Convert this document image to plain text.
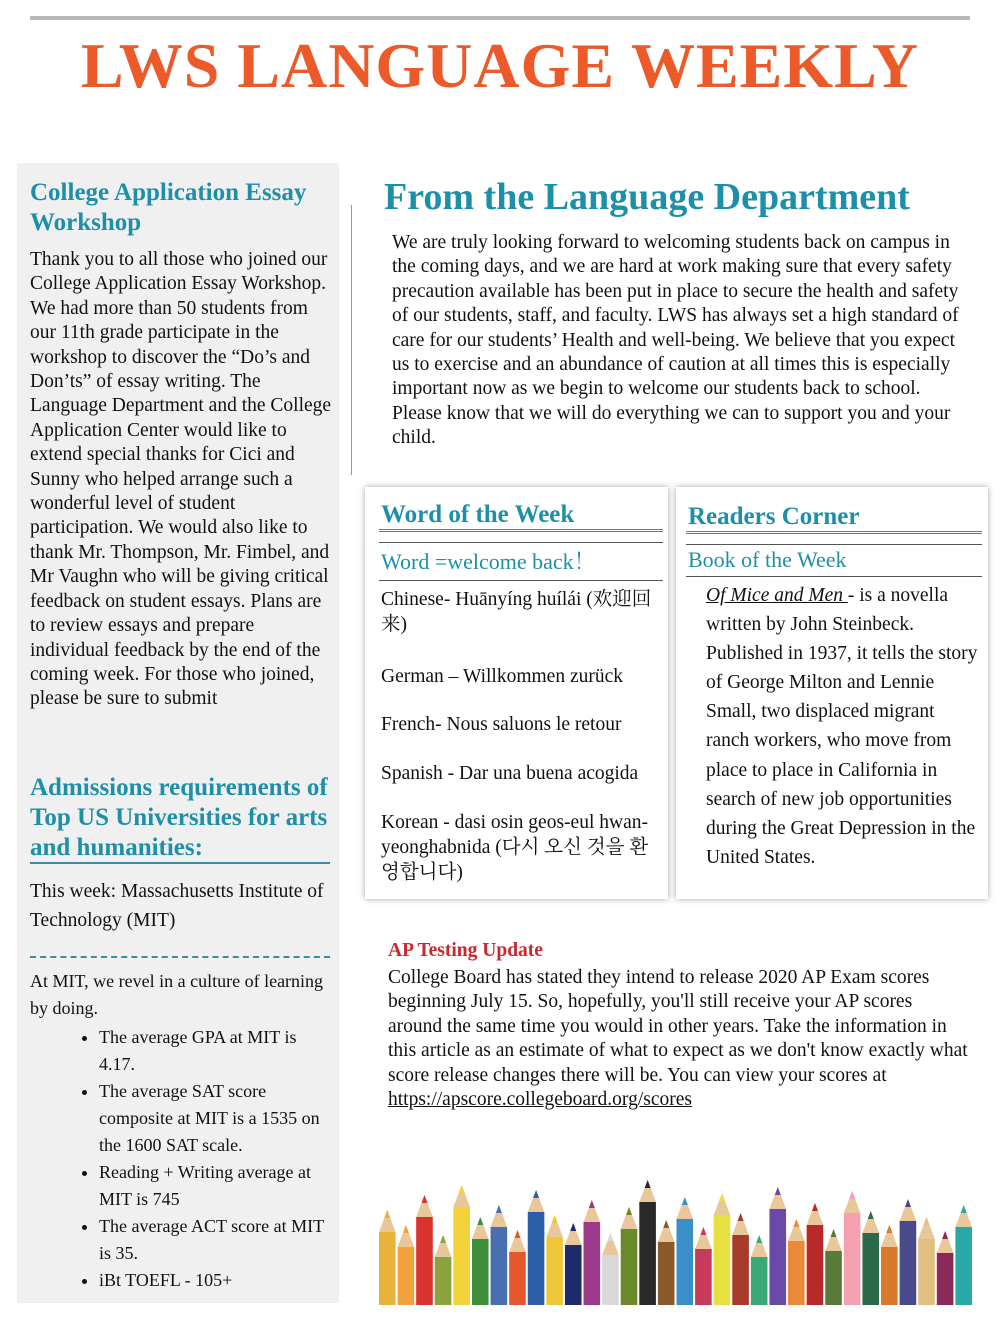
LWS LANGUAGE WEEKLY
College Application Essay Workshop
Thank you to all those who joined our College Application Essay Workshop. We had more than 50 students from our 11th grade participate in the workshop to discover the “Do’s and Don’ts” of essay writing. The Language Department and the College Application Center would like to extend special thanks for Cici and Sunny who helped arrange such a wonderful level of student participation. We would also like to thank Mr. Thompson, Mr. Fimbel, and Mr Vaughn who will be giving critical feedback on student essays. Plans are to review essays and prepare individual feedback by the end of the coming week. For those who joined, please be sure to submit
Admissions requirements of Top US Universities for arts and humanities:
This week: Massachusetts Institute of Technology (MIT)
At MIT, we revel in a culture of learning by doing.
• The average GPA at MIT is 4.17.
• The average SAT score composite at MIT is a 1535 on the 1600 SAT scale.
• Reading + Writing average at MIT is 745
• The average ACT score at MIT is 35.
• iBt TOEFL - 105+
From the Language Department
We are truly looking forward to welcoming students back on campus in the coming days, and we are hard at work making sure that every safety precaution available has been put in place to secure the health and safety of our students, staff, and faculty. LWS has always set a high standard of care for our students’ Health and well-being. We believe that you expect us to exercise and an abundance of caution at all times this is especially important now as we begin to welcome our students back to school. Please know that we will do everything we can to support you and your child.
Word of the Week
Word =welcome back！
Chinese- Huānyíng huílái (欢迎回来)
German – Willkommen zurück
French- Nous saluons le retour
Spanish - Dar una buena acogida
Korean - dasi osin geos-eul hwan-yeonghabnida (다시 오신 것을 환영합니다)
Readers Corner
Book of the Week
Of Mice and Men - is a novella written by John Steinbeck. Published in 1937, it tells the story of George Milton and Lennie Small, two displaced migrant ranch workers, who move from place to place in California in search of new job opportunities during the Great Depression in the United States.
AP Testing Update
College Board has stated they intend to release 2020 AP Exam scores beginning July 15. So, hopefully, you'll still receive your AP scores around the same time you would in other years. Take the information in this article as an estimate of what to expect as we don't know exactly what score release changes there will be. You can view your scores at
https://apscore.collegeboard.org/scores
